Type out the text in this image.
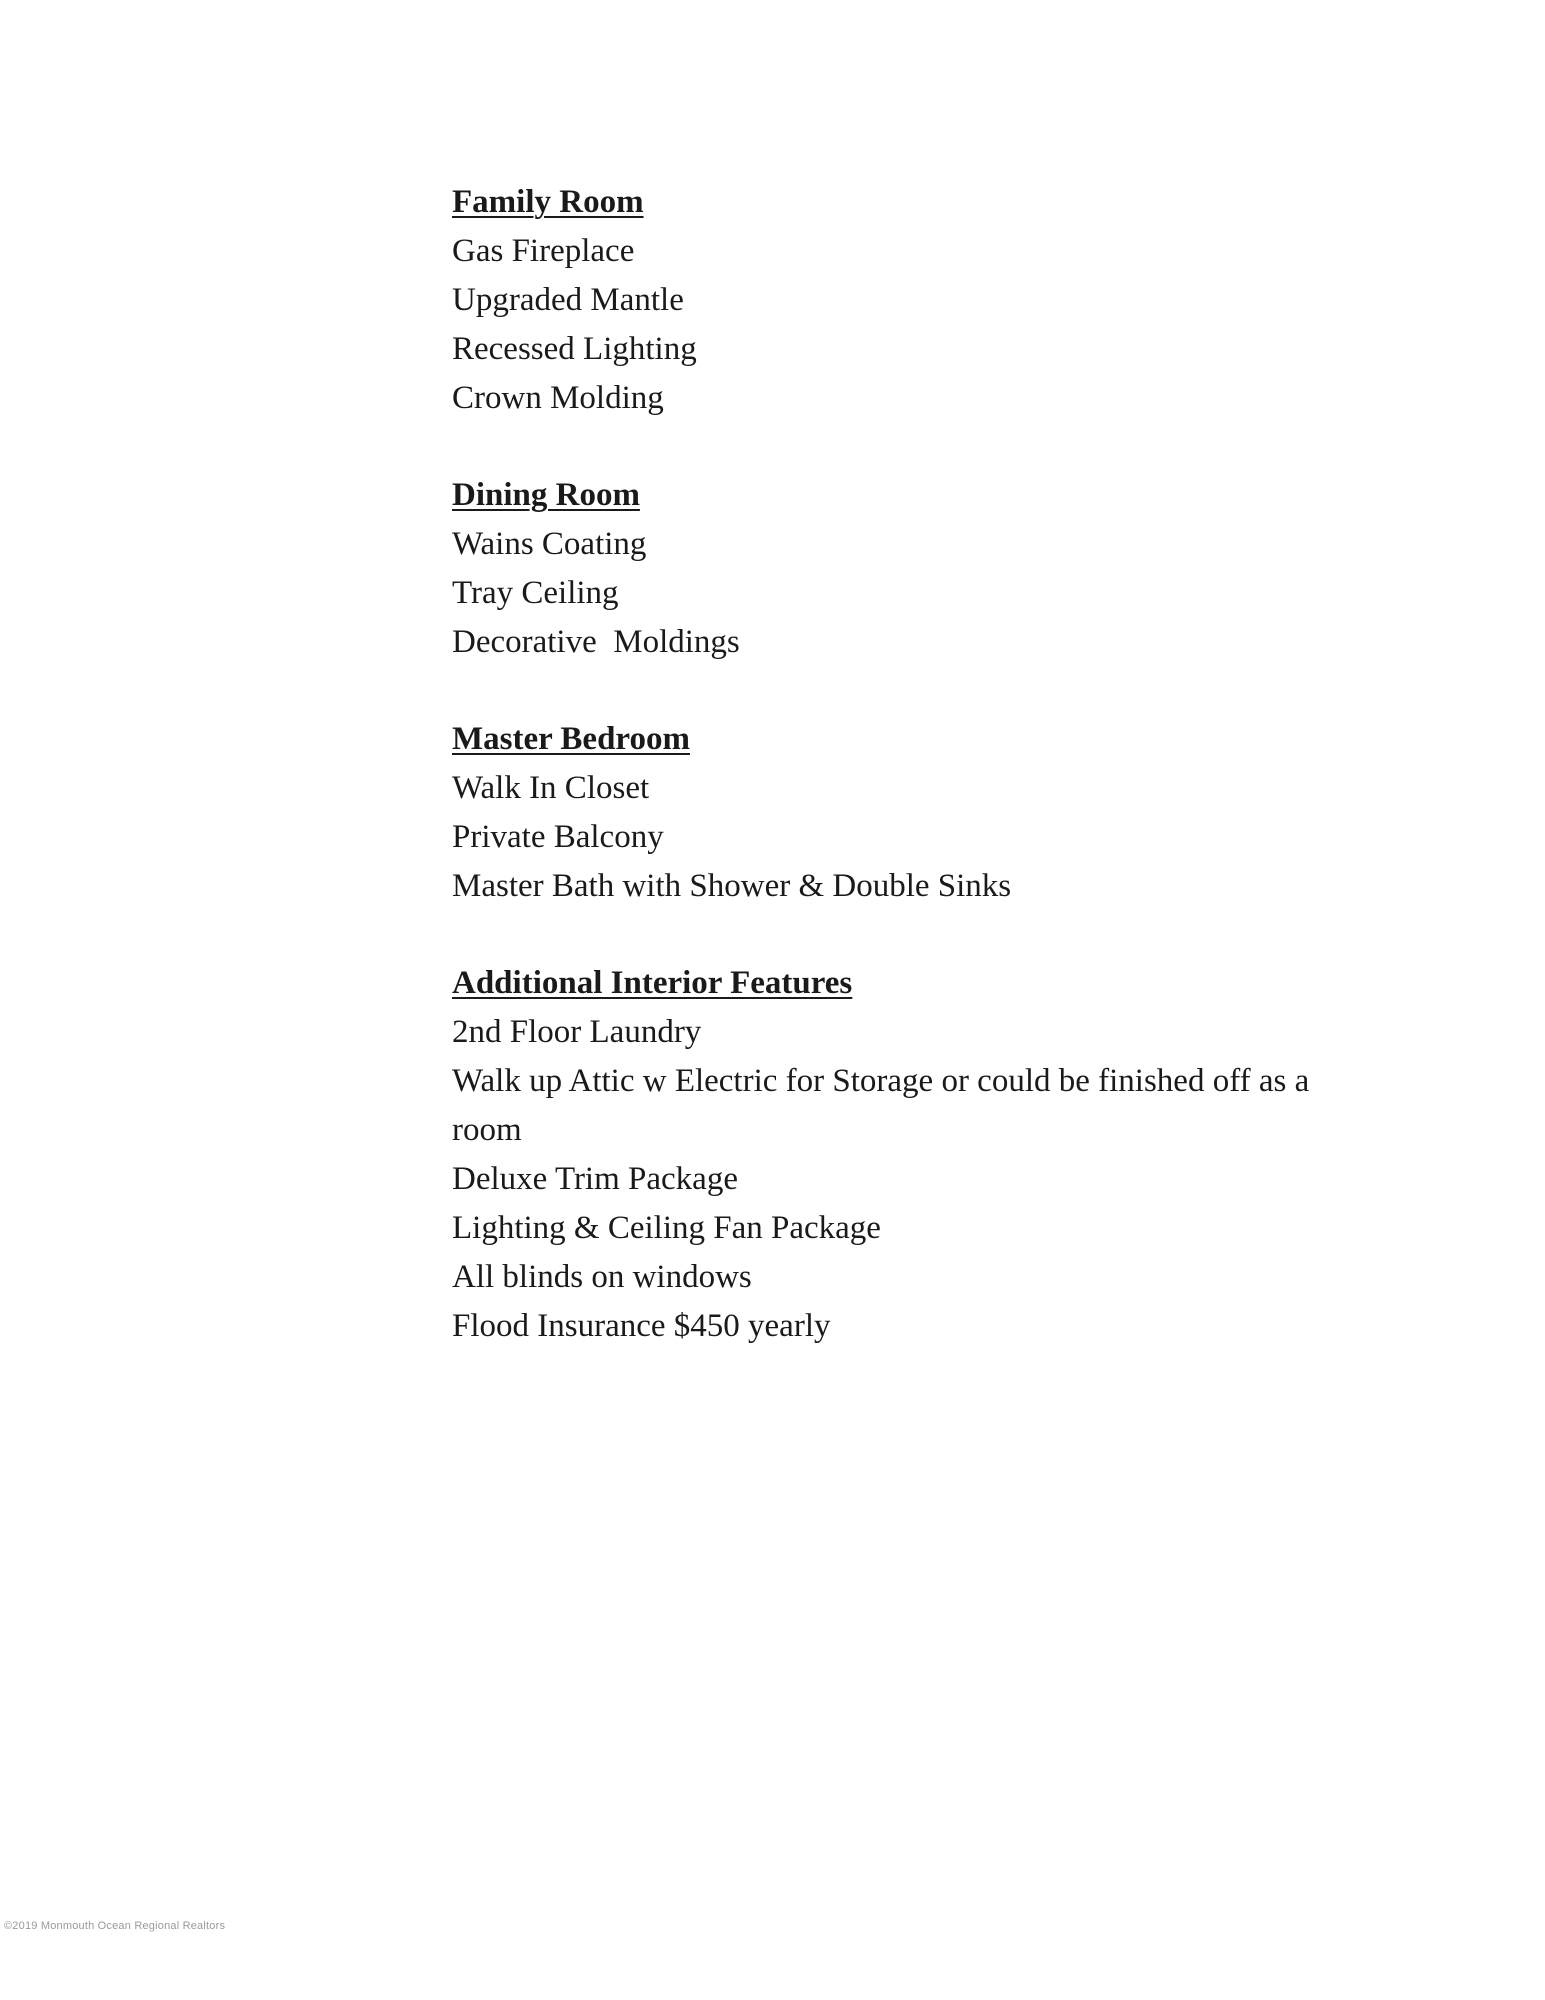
Family Room
Gas Fireplace
Upgraded Mantle
Recessed Lighting
Crown Molding
Dining Room
Wains Coating
Tray Ceiling
Decorative  Moldings
Master Bedroom
Walk In Closet
Private Balcony
Master Bath with Shower & Double Sinks
Additional Interior Features
2nd Floor Laundry
Walk up Attic w Electric for Storage or could be finished off as a room
Deluxe Trim Package
Lighting & Ceiling Fan Package
All blinds on windows
Flood Insurance $450 yearly
©2019 Monmouth Ocean Regional Realtors
